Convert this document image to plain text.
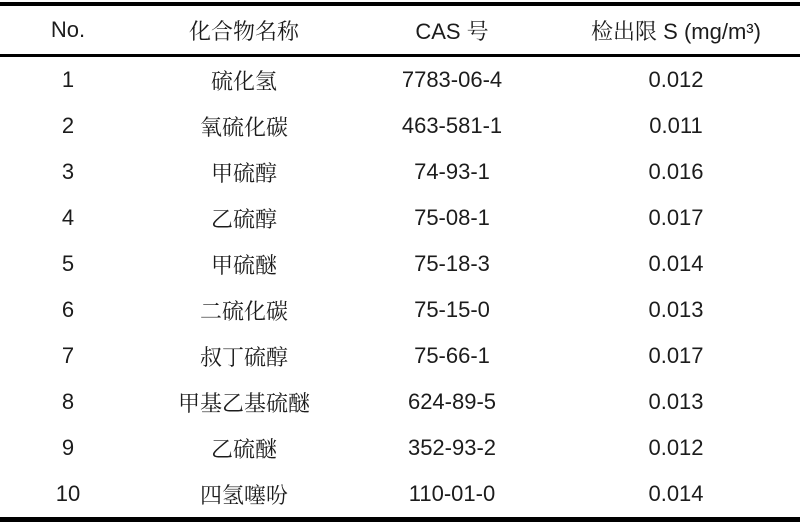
No.	化合物名称	CAS 号	检出限 S (mg/m³)
1	硫化氢	7783-06-4	0.012
2	氧硫化碳	463-581-1	0.011
3	甲硫醇	74-93-1	0.016
4	乙硫醇	75-08-1	0.017
5	甲硫醚	75-18-3	0.014
6	二硫化碳	75-15-0	0.013
7	叔丁硫醇	75-66-1	0.017
8	甲基乙基硫醚	624-89-5	0.013
9	乙硫醚	352-93-2	0.012
10	四氢噻吩	110-01-0	0.014
